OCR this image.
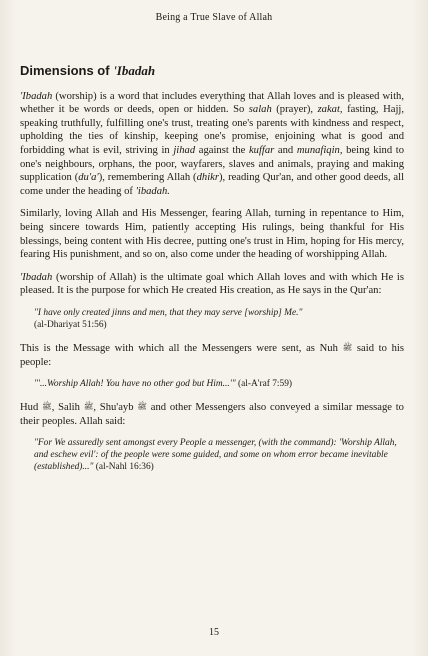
Being a True Slave of Allah
Dimensions of 'Ibadah

'Ibadah (worship) is a word that includes everything that Allah loves and is pleased with, whether it be words or deeds, open or hidden. So salah (prayer), zakat, fasting, Hajj, speaking truthfully, fulfilling one's trust, treating one's parents with kindness and respect, upholding the ties of kinship, keeping one's promise, enjoining what is good and forbidding what is evil, striving in jihad against the kuffar and munafiqin, being kind to one's neighbours, orphans, the poor, wayfarers, slaves and animals, praying and making supplication (du'a'), remembering Allah (dhikr), reading Qur'an, and other good deeds, all come under the heading of 'ibadah.

Similarly, loving Allah and His Messenger, fearing Allah, turning in repentance to Him, being sincere towards Him, patiently accepting His rulings, being thankful for His blessings, being content with His decree, putting one's trust in Him, hoping for His mercy, fearing His punishment, and so on, also come under the heading of worshipping Allah.

'Ibadah (worship of Allah) is the ultimate goal which Allah loves and with which He is pleased. It is the purpose for which He created His creation, as He says in the Qur'an:

"I have only created jinns and men, that they may serve [worship] Me."
(al-Dhariyat 51:56)

This is the Message with which all the Messengers were sent, as Nuh ﷺ said to his people:

"'...Worship Allah! You have no other god but Him...'" (al-A'raf 7:59)

Hud ﷺ, Salih ﷺ, Shu'ayb ﷺ and other Messengers also conveyed a similar message to their peoples. Allah said:

"For We assuredly sent amongst every People a messenger, (with the command): 'Worship Allah, and eschew evil': of the people were some guided, and some on whom error became inevitable (established)..." (al-Nahl 16:36)
15
